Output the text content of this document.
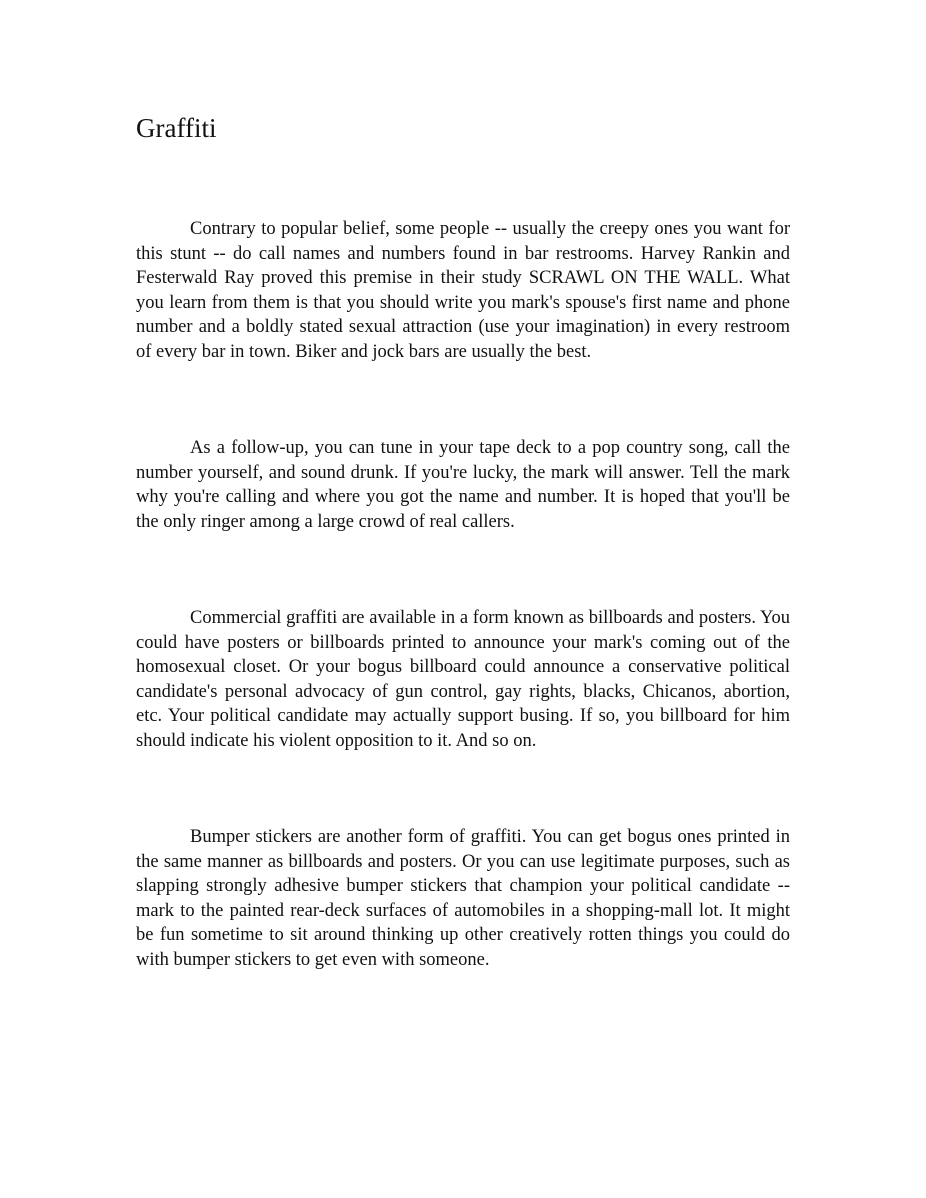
Graffiti

Contrary to popular belief, some people -- usually the creepy ones you want for this stunt -- do call names and numbers found in bar restrooms. Harvey Rankin and Festerwald Ray proved this premise in their study SCRAWL ON THE WALL. What you learn from them is that you should write you mark's spouse's first name and phone number and a boldly stated sexual attraction (use your imagination) in every restroom of every bar in town. Biker and jock bars are usually the best.

As a follow-up, you can tune in your tape deck to a pop country song, call the number yourself, and sound drunk. If you're lucky, the mark will answer. Tell the mark why you're calling and where you got the name and number. It is hoped that you'll be the only ringer among a large crowd of real callers.

Commercial graffiti are available in a form known as billboards and posters. You could have posters or billboards printed to announce your mark's coming out of the homosexual closet. Or your bogus billboard could announce a conservative political candidate's personal advocacy of gun control, gay rights, blacks, Chicanos, abortion, etc. Your political candidate may actually support busing. If so, you billboard for him should indicate his violent opposition to it. And so on.

Bumper stickers are another form of graffiti. You can get bogus ones printed in the same manner as billboards and posters. Or you can use legitimate purposes, such as slapping strongly adhesive bumper stickers that champion your political candidate -- mark to the painted rear-deck surfaces of automobiles in a shopping-mall lot. It might be fun sometime to sit around thinking up other creatively rotten things you could do with bumper stickers to get even with someone.
